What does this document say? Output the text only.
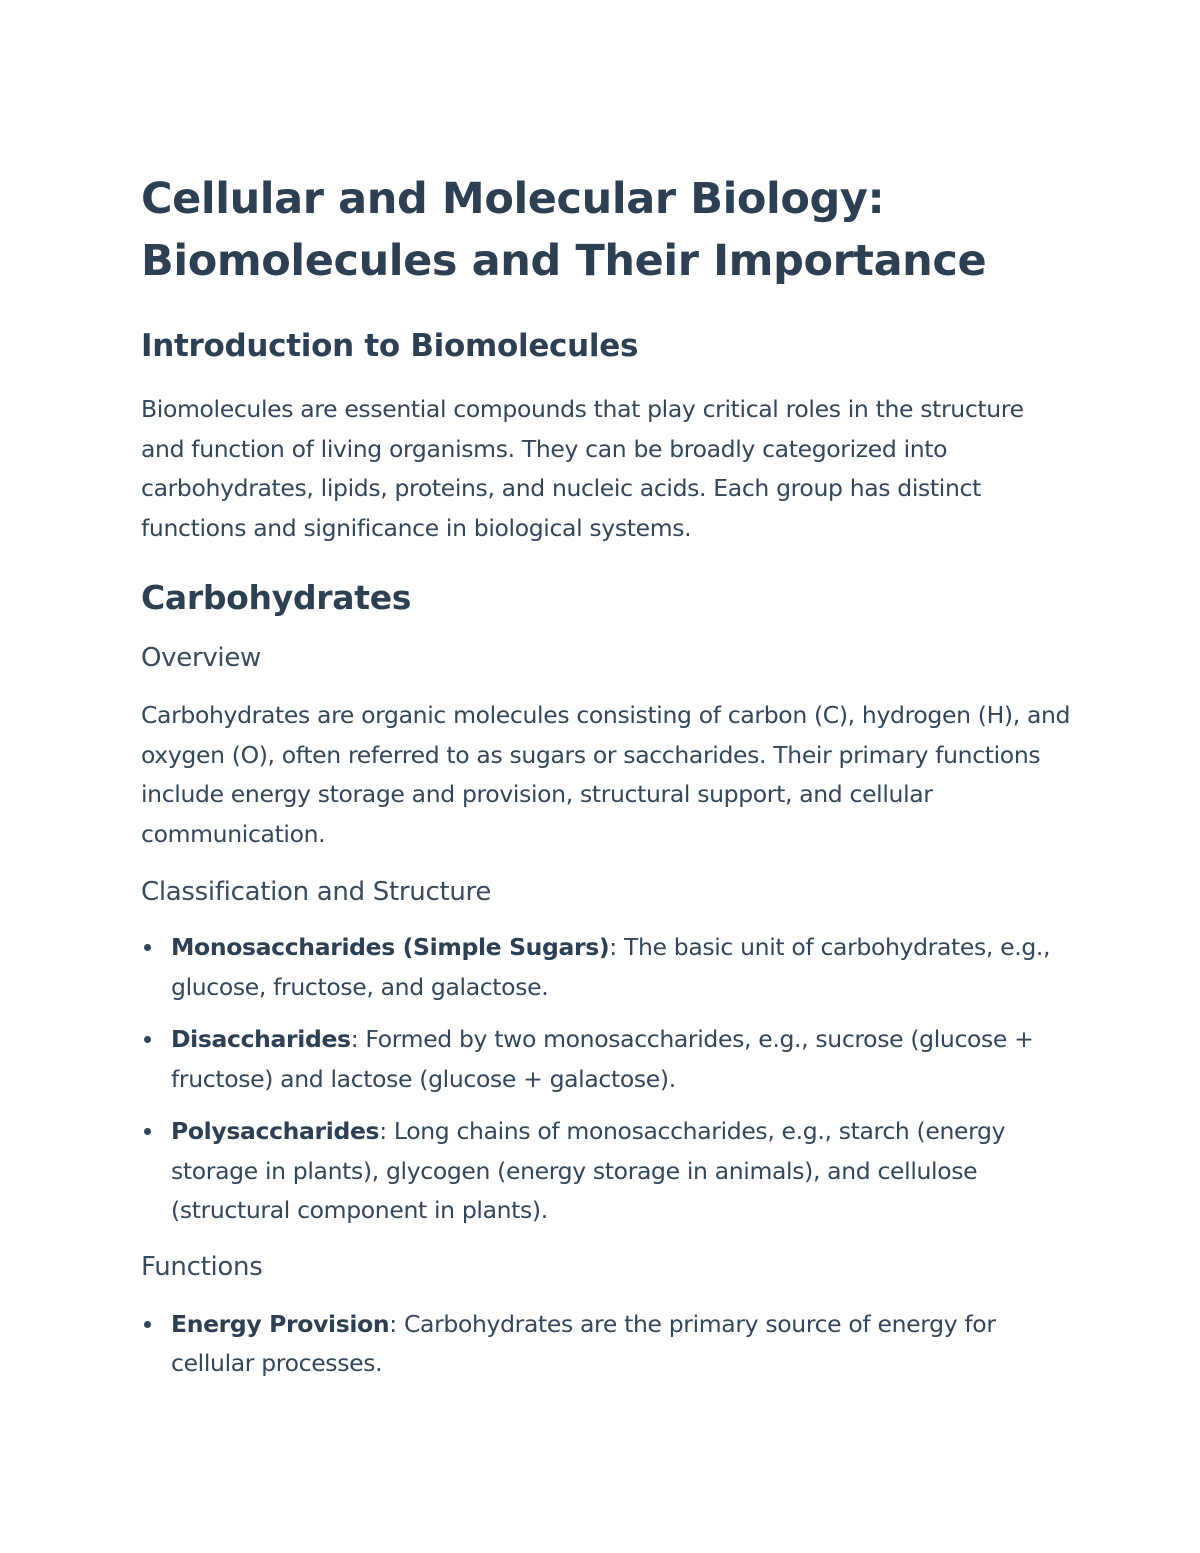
Cellular and Molecular Biology:
Biomolecules and Their Importance
Introduction to Biomolecules

Biomolecules are essential compounds that play critical roles in the structure and function of living organisms. They can be broadly categorized into carbohydrates, lipids, proteins, and nucleic acids. Each group has distinct functions and significance in biological systems.

Carbohydrates
Overview

Carbohydrates are organic molecules consisting of carbon (C), hydrogen (H), and oxygen (O), often referred to as sugars or saccharides. Their primary functions include energy storage and provision, structural support, and cellular communication.

Classification and Structure
Monosaccharides (Simple Sugars): The basic unit of carbohydrates, e.g., glucose, fructose, and galactose.
Disaccharides: Formed by two monosaccharides, e.g., sucrose (glucose + fructose) and lactose (glucose + galactose).
Polysaccharides: Long chains of monosaccharides, e.g., starch (energy storage in plants), glycogen (energy storage in animals), and cellulose (structural component in plants).
Functions
Energy Provision: Carbohydrates are the primary source of energy for cellular processes.
